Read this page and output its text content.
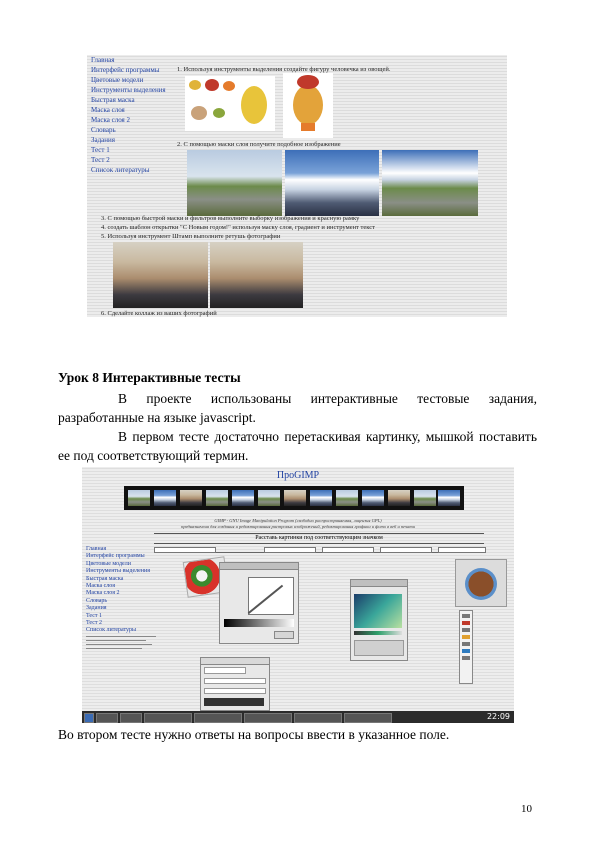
Главная
Интерфейс программы
Цветовые модели
Инструменты выделения
Быстрая маска
Маска слоя
Маска слоя 2
Словарь
Задания
Тест 1
Тест 2
Список литературы
1. Используя инструменты выделения создайте фигуру человечка из овощей.
2. С помощью маски слоя получите подобное изображение
3. С помощью быстрой маски и фильтров выполните выборку изображения и красную рамку
4. создать шаблон открытки "С Новым годом!" используя маску слоя, градиент и инструмент текст
5. Используя инструмент Штамп выполните ретушь фотографии
6. Сделайте коллаж из ваших фотографий
Урок 8 Интерактивные тесты
В проекте использованы интерактивные тестовые задания, разработанные на языке javascript.
В первом тесте достаточно перетаскивая картинку, мышкой поставить ее под соответствующий термин.
ПроGIMP
GIMP - GNU Image Manipulation Program (свободно распространяемая, лицензия GPL)
предназначена для создания и редактирования растровых изображений, редактирования графики и фото в веб и печати
Расставь картинки под соответствующим значком
Главная
Интерфейс программы
Цветовые модели
Инструменты выделения
Быстрая маска
Маска слоя
Маска слоя 2
Словарь
Задания
Тест 1
Тест 2
Список литературы
22:09
Во втором тесте нужно ответы на вопросы ввести в указанное поле.
10
